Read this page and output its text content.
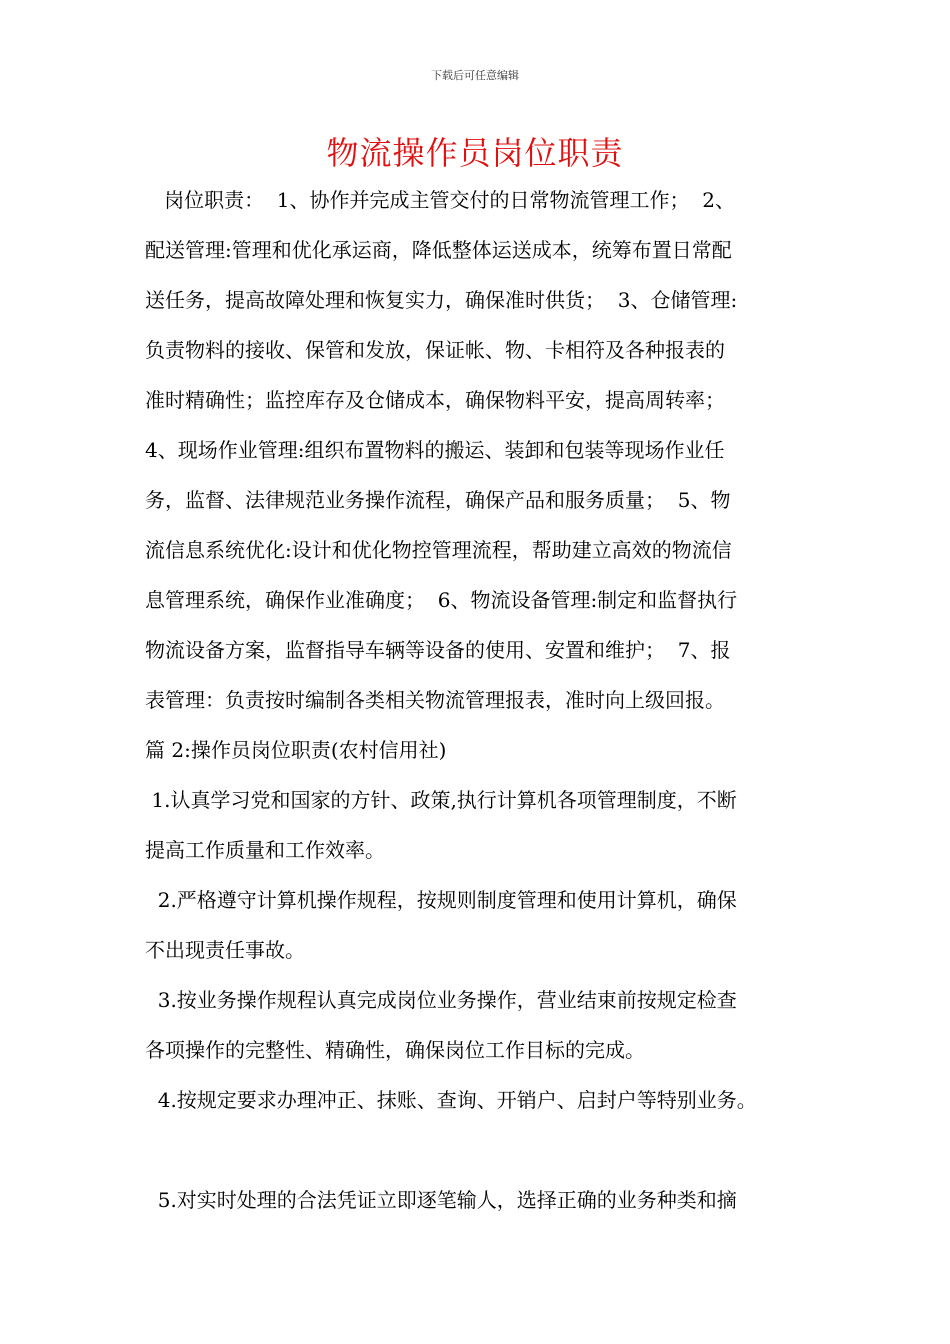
下载后可任意编辑
物流操作员岗位职责
岗位职责：  1、协作并完成主管交付的日常物流管理工作；  2、
配送管理:管理和优化承运商，降低整体运送成本，统筹布置日常配
送任务，提高故障处理和恢复实力，确保准时供货；  3、仓储管理:
负责物料的接收、保管和发放，保证帐、物、卡相符及各种报表的
准时精确性；监控库存及仓储成本，确保物料平安，提高周转率；
4、现场作业管理:组织布置物料的搬运、装卸和包装等现场作业任
务，监督、法律规范业务操作流程，确保产品和服务质量；  5、物
流信息系统优化:设计和优化物控管理流程，帮助建立高效的物流信
息管理系统，确保作业准确度；  6、物流设备管理:制定和监督执行
物流设备方案，监督指导车辆等设备的使用、安置和维护；  7、报
表管理：负责按时编制各类相关物流管理报表，准时向上级回报。
篇 2:操作员岗位职责(农村信用社)
1.认真学习党和国家的方针、政策,执行计算机各项管理制度，不断
提高工作质量和工作效率。
2.严格遵守计算机操作规程，按规则制度管理和使用计算机，确保
不出现责任事故。
3.按业务操作规程认真完成岗位业务操作，营业结束前按规定检查
各项操作的完整性、精确性，确保岗位工作目标的完成。
4.按规定要求办理冲正、抹账、查询、开销户、启封户等特别业务。
5.对实时处理的合法凭证立即逐笔输人，选择正确的业务种类和摘
